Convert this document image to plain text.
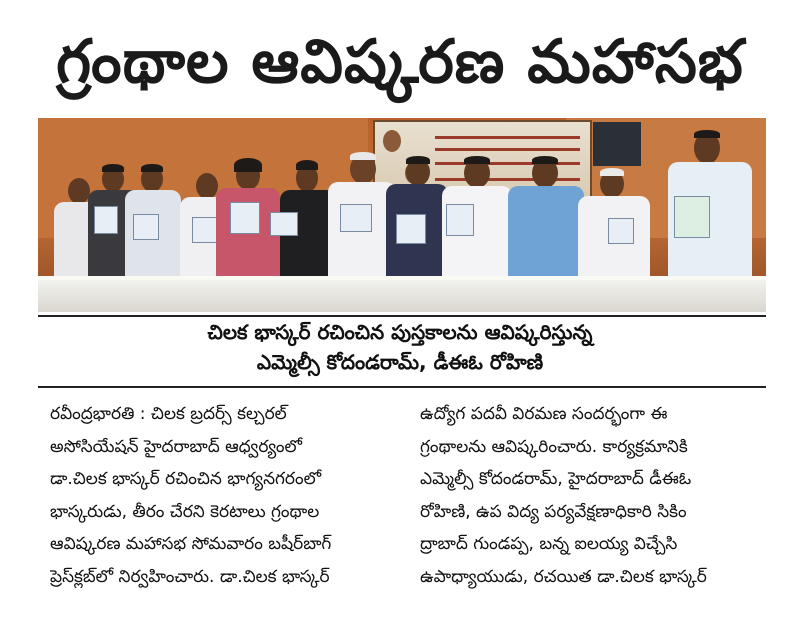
గ్రంథాల ఆవిష్కరణ మహాసభ
చిలక భాస్కర్ రచించిన పుస్తకాలను ఆవిష్కరిస్తున్న
ఎమ్మెల్సీ కోదండరామ్, డీఈఓ రోహిణి
రవీంద్రభారతి : చిలక బ్రదర్స్ కల్చరల్
అసోసియేషన్ హైదరాబాద్ ఆధ్వర్యంలో
డా.చిలక భాస్కర్ రచించిన భాగ్యనగరంలో
భాస్కరుడు, తీరం చేరని కెరటాలు గ్రంథాల
ఆవిష్కరణ మహాసభ సోమవారం బషీర్‌బాగ్
ప్రెస్‌క్లబ్‌లో నిర్వహించారు. డా.చిలక భాస్కర్
ఉద్యోగ పదవీ విరమణ సందర్భంగా ఈ
గ్రంథాలను ఆవిష్కరించారు. కార్యక్రమానికి
ఎమ్మెల్సీ కోదండరామ్, హైదరాబాద్ డీఈఓ
రోహిణి, ఉప విద్య పర్యవేక్షణాధికారి సికిం
ద్రాబాద్ గుండప్ప, బన్న ఐలయ్య విచ్చేసి
ఉపాధ్యాయుడు, రచయిత డా.చిలక భాస్కర్
